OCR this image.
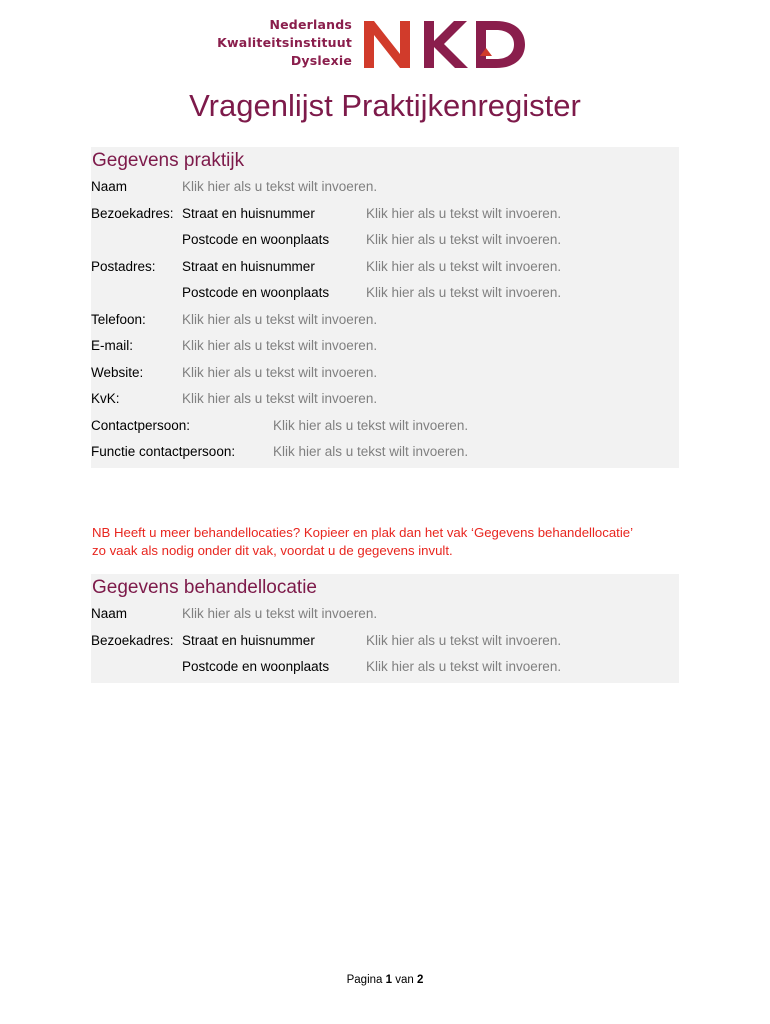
Nederlands
Kwaliteitsinstituut
Dyslexie
Vragenlijst Praktijkenregister
Gegevens praktijk
Naam	Klik hier als u tekst wilt invoeren.
Bezoekadres: Straat en huisnummer	Klik hier als u tekst wilt invoeren.
Postcode en woonplaats	Klik hier als u tekst wilt invoeren.
Postadres: Straat en huisnummer	Klik hier als u tekst wilt invoeren.
Postcode en woonplaats	Klik hier als u tekst wilt invoeren.
Telefoon:	Klik hier als u tekst wilt invoeren.
E-mail:	Klik hier als u tekst wilt invoeren.
Website:	Klik hier als u tekst wilt invoeren.
KvK:	Klik hier als u tekst wilt invoeren.
Contactpersoon:	Klik hier als u tekst wilt invoeren.
Functie contactpersoon:	Klik hier als u tekst wilt invoeren.

NB Heeft u meer behandellocaties? Kopieer en plak dan het vak ‘Gegevens behandellocatie’
zo vaak als nodig onder dit vak, voordat u de gegevens invult.

Gegevens behandellocatie
Naam	Klik hier als u tekst wilt invoeren.
Bezoekadres: Straat en huisnummer	Klik hier als u tekst wilt invoeren.
Postcode en woonplaats	Klik hier als u tekst wilt invoeren.
Pagina 1 van 2
